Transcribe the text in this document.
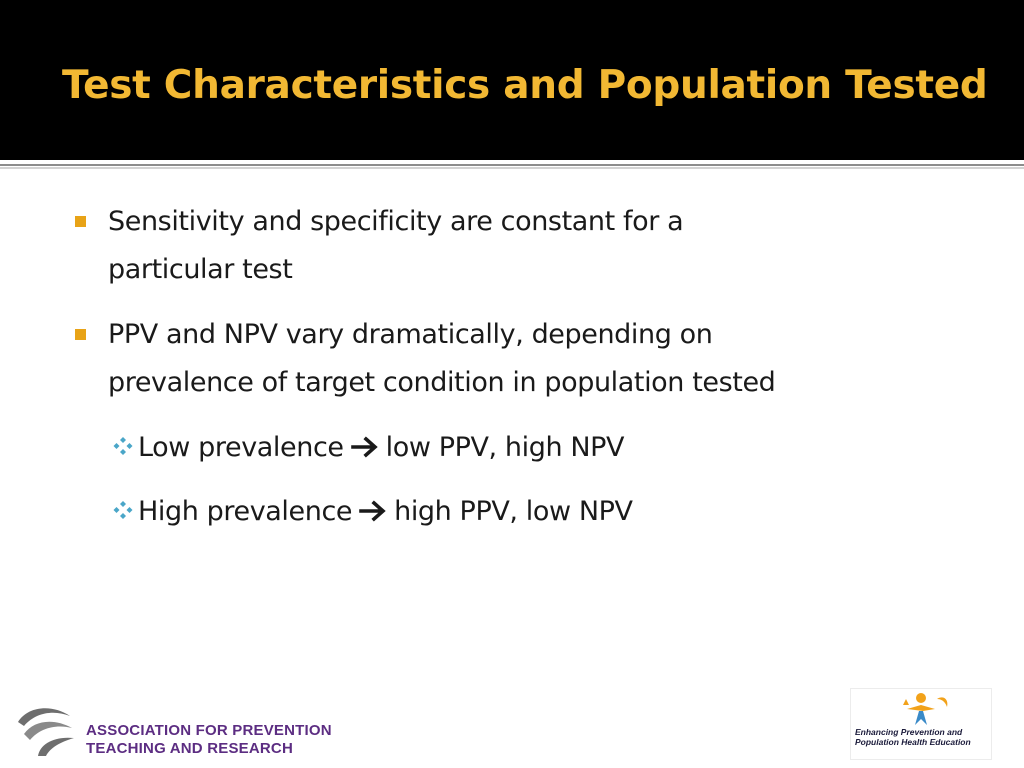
Test Characteristics and Population Tested
Sensitivity and specificity are constant for a
particular test
PPV and NPV vary dramatically, depending on
prevalence of target condition in population tested
Low prevalence low PPV, high NPV
High prevalence high PPV, low NPV
ASSOCIATION FOR PREVENTION
TEACHING AND RESEARCH
Enhancing Prevention and
Population Health Education
